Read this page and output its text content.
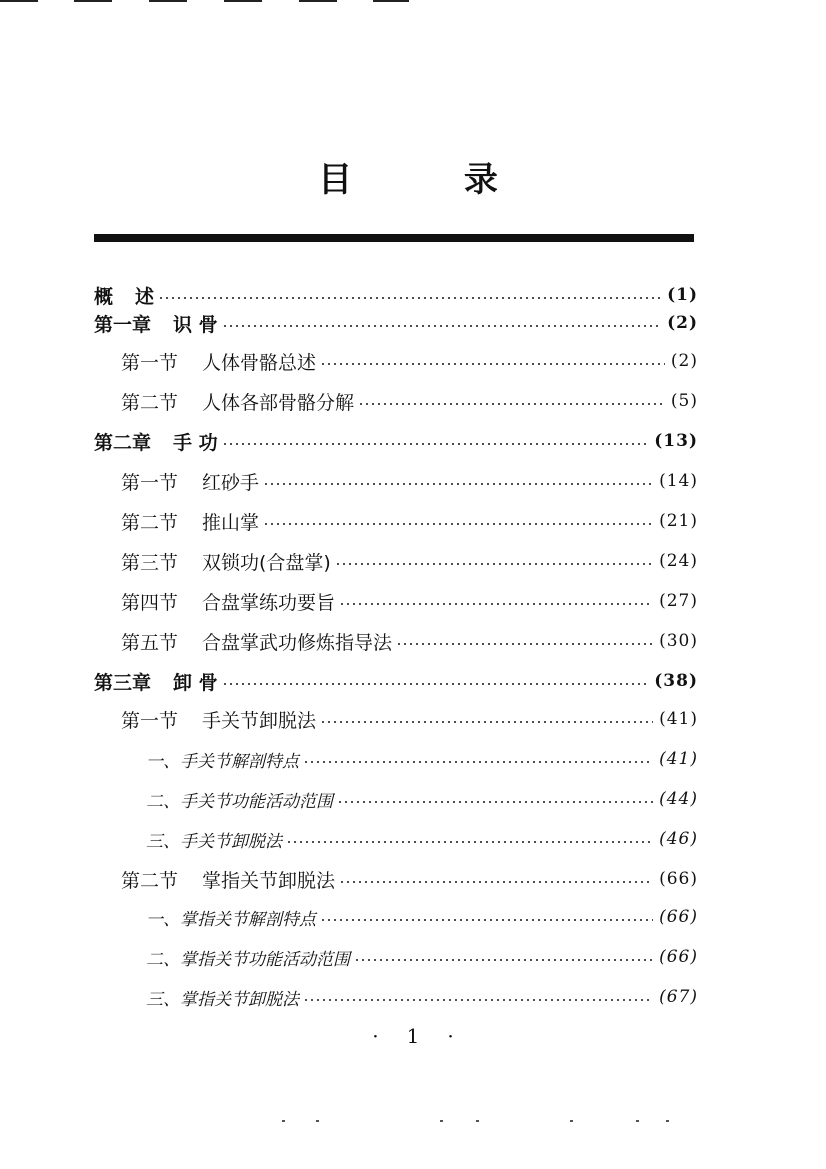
目 录
概 述	(1)
第一章 识 骨	(2)
第一节 人体骨骼总述	(2)
第二节 人体各部骨骼分解	(5)
第二章 手 功	(13)
第一节 红砂手	(14)
第二节 推山掌	(21)
第三节 双锁功(合盘掌)	(24)
第四节 合盘掌练功要旨	(27)
第五节 合盘掌武功修炼指导法	(30)
第三章 卸 骨	(38)
第一节 手关节卸脱法	(41)
一、 手关节解剖特点	(41)
二、 手关节功能活动范围	(44)
三、 手关节卸脱法	(46)
第二节 掌指关节卸脱法	(66)
一、 掌指关节解剖特点	(66)
二、 掌指关节功能活动范围	(66)
三、 掌指关节卸脱法	(67)
· 1 ·
